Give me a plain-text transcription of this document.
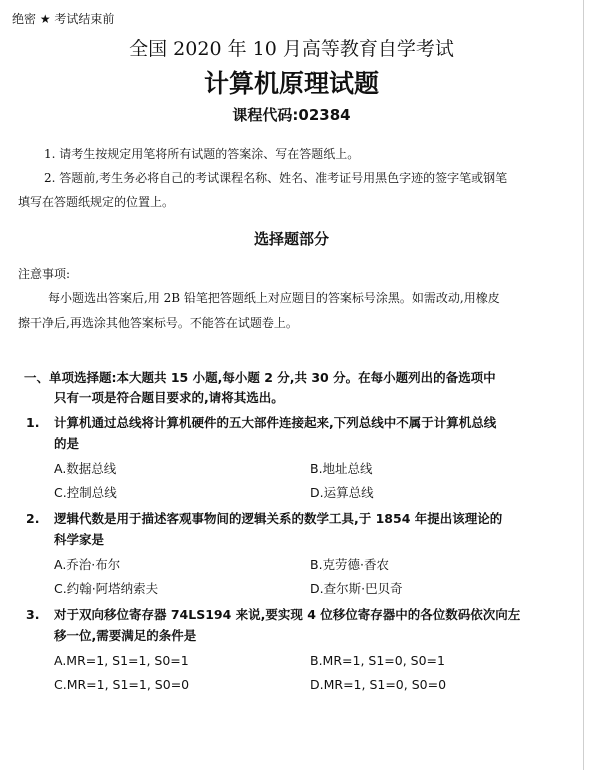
绝密 ★ 考试结束前
全国 2020 年 10 月高等教育自学考试
计算机原理试题
课程代码:02384
1. 请考生按规定用笔将所有试题的答案涂、写在答题纸上。
2. 答题前,考生务必将自己的考试课程名称、姓名、准考证号用黑色字迹的签字笔或钢笔
填写在答题纸规定的位置上。
选择题部分
注意事项:
每小题选出答案后,用 2B 铅笔把答题纸上对应题目的答案标号涂黑。如需改动,用橡皮
擦干净后,再选涂其他答案标号。不能答在试题卷上。
一、单项选择题:本大题共 15 小题,每小题 2 分,共 30 分。在每小题列出的备选项中
只有一项是符合题目要求的,请将其选出。
1. 计算机通过总线将计算机硬件的五大部件连接起来,下列总线中不属于计算机总线
的是
A.数据总线	B.地址总线
C.控制总线	D.运算总线
2. 逻辑代数是用于描述客观事物间的逻辑关系的数学工具,于 1854 年提出该理论的
科学家是
A.乔治·布尔	B.克劳德·香农
C.约翰·阿塔纳索夫	D.查尔斯·巴贝奇
3. 对于双向移位寄存器 74LS194 来说,要实现 4 位移位寄存器中的各位数码依次向左
移一位,需要满足的条件是
A.MR=1, S1=1, S0=1	B.MR=1, S1=0, S0=1
C.MR=1, S1=1, S0=0	D.MR=1, S1=0, S0=0
